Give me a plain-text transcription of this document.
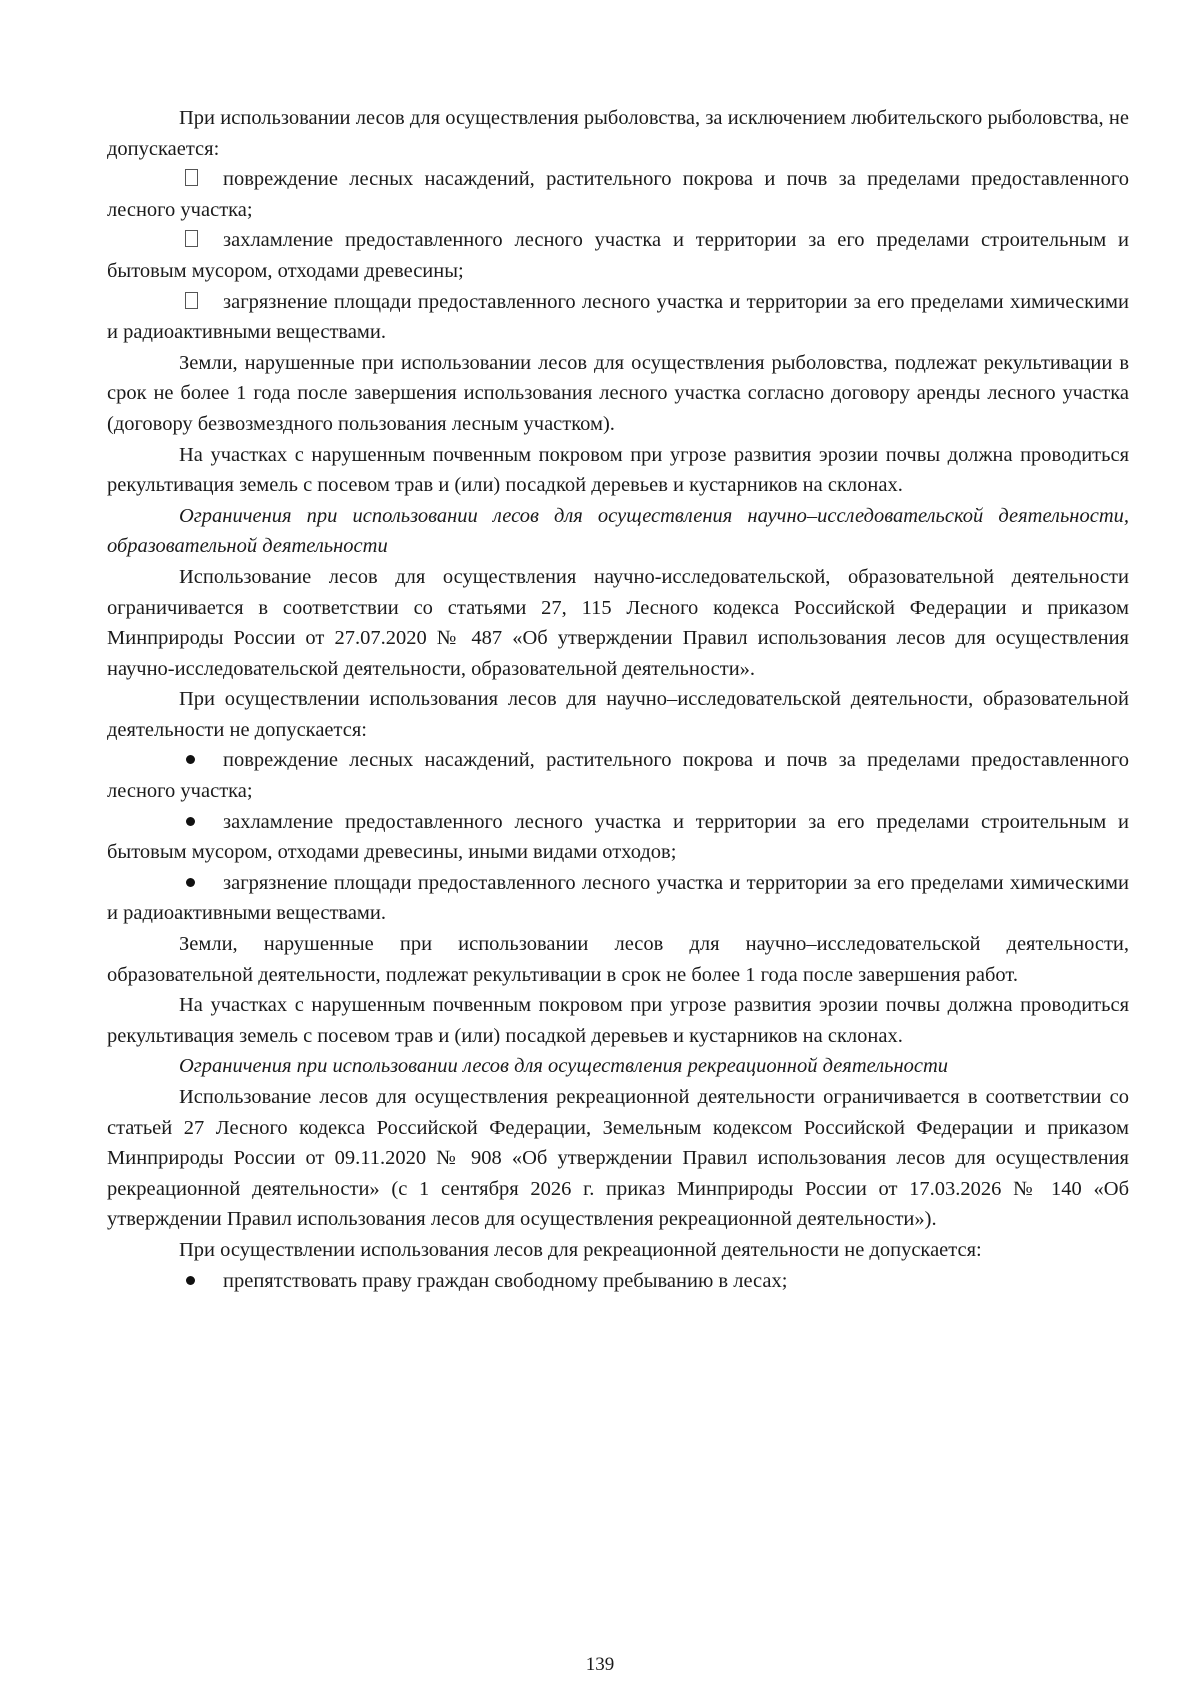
При использовании лесов для осуществления рыболовства, за исключением любительского рыболовства, не допускается:

повреждение лесных насаждений, растительного покрова и почв за пределами предоставленного лесного участка;

захламление предоставленного лесного участка и территории за его пределами строительным и бытовым мусором, отходами древесины;

загрязнение площади предоставленного лесного участка и территории за его пределами химическими и радиоактивными веществами.

Земли, нарушенные при использовании лесов для осуществления рыболовства, подлежат рекультивации в срок не более 1 года после завершения использования лесного участка согласно договору аренды лесного участка (договору безвозмездного пользования лесным участком).

На участках с нарушенным почвенным покровом при угрозе развития эрозии почвы должна проводиться рекультивация земель с посевом трав и (или) посадкой деревьев и кустарников на склонах.

Ограничения при использовании лесов для осуществления научно–исследовательской деятельности, образовательной деятельности

Использование лесов для осуществления научно-исследовательской, образовательной деятельности ограничивается в соответствии со статьями 27, 115 Лесного кодекса Российской Федерации и приказом Минприроды России от 27.07.2020 № 487 «Об утверждении Правил использования лесов для осуществления научно-исследовательской деятельности, образовательной деятельности».

При осуществлении использования лесов для научно–исследовательской деятельности, образовательной деятельности не допускается:

повреждение лесных насаждений, растительного покрова и почв за пределами предоставленного лесного участка;

захламление предоставленного лесного участка и территории за его пределами строительным и бытовым мусором, отходами древесины, иными видами отходов;

загрязнение площади предоставленного лесного участка и территории за его пределами химическими и радиоактивными веществами.

Земли, нарушенные при использовании лесов для научно–исследовательской деятельности, образовательной деятельности, подлежат рекультивации в срок не более 1 года после завершения работ.

На участках с нарушенным почвенным покровом при угрозе развития эрозии почвы должна проводиться рекультивация земель с посевом трав и (или) посадкой деревьев и кустарников на склонах.

Ограничения при использовании лесов для осуществления рекреационной деятельности

Использование лесов для осуществления рекреационной деятельности ограничивается в соответствии со статьей 27 Лесного кодекса Российской Федерации, Земельным кодексом Российской Федерации и приказом Минприроды России от 09.11.2020 № 908 «Об утверждении Правил использования лесов для осуществления рекреационной деятельности» (с 1 сентября 2026 г. приказ Минприроды России от 17.03.2026 № 140 «Об утверждении Правил использования лесов для осуществления рекреационной деятельности»).

При осуществлении использования лесов для рекреационной деятельности не допускается:

препятствовать праву граждан свободному пребыванию в лесах;

139
